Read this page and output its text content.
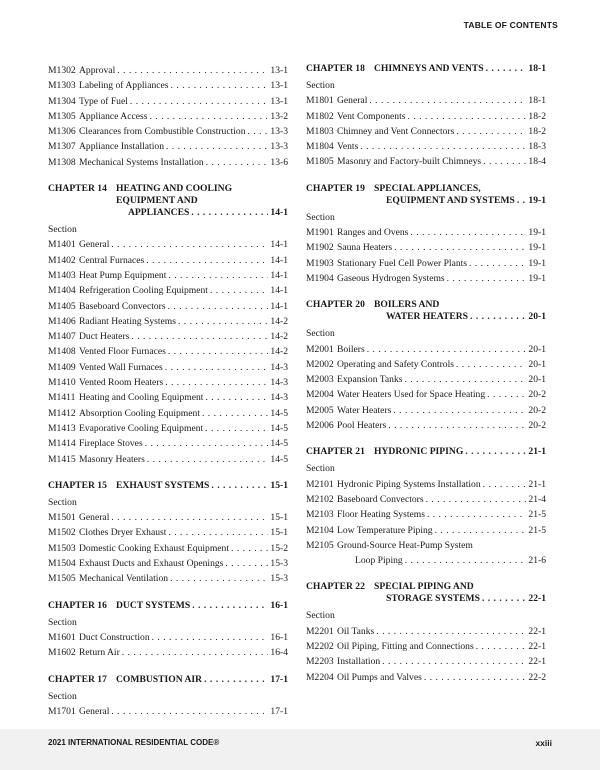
TABLE OF CONTENTS
M1302 Approval . . .	13-1
M1303 Labeling of Appliances . . .	13-1
M1304 Type of Fuel . . .	13-1
M1305 Appliance Access . . .	13-2
M1306 Clearances from Combustible Construction . . .	13-3
M1307 Appliance Installation . . .	13-3
M1308 Mechanical Systems Installation . . .	13-6
CHAPTER 14 HEATING AND COOLING
EQUIPMENT AND
APPLIANCES . . .	14-1
Section
M1401 General . . .	14-1
M1402 Central Furnaces . . .	14-1
M1403 Heat Pump Equipment . . .	14-1
M1404 Refrigeration Cooling Equipment . . .	14-1
M1405 Baseboard Convectors . . .	14-1
M1406 Radiant Heating Systems . . .	14-2
M1407 Duct Heaters . . .	14-2
M1408 Vented Floor Furnaces . . .	14-2
M1409 Vented Wall Furnaces . . .	14-3
M1410 Vented Room Heaters . . .	14-3
M1411 Heating and Cooling Equipment . . .	14-3
M1412 Absorption Cooling Equipment . . .	14-5
M1413 Evaporative Cooling Equipment . . .	14-5
M1414 Fireplace Stoves . . .	14-5
M1415 Masonry Heaters . . .	14-5
CHAPTER 15 EXHAUST SYSTEMS . . .	15-1
Section
M1501 General . . .	15-1
M1502 Clothes Dryer Exhaust . . .	15-1
M1503 Domestic Cooking Exhaust Equipment . . .	15-2
M1504 Exhaust Ducts and Exhaust Openings . . .	15-3
M1505 Mechanical Ventilation . . .	15-3
CHAPTER 16 DUCT SYSTEMS . . .	16-1
Section
M1601 Duct Construction . . .	16-1
M1602 Return Air . . .	16-4
CHAPTER 17 COMBUSTION AIR . . .	17-1
Section
M1701 General . . .	17-1
CHAPTER 18 CHIMNEYS AND VENTS . . .	18-1
Section
M1801 General . . .	18-1
M1802 Vent Components . . .	18-2
M1803 Chimney and Vent Connectors . . .	18-2
M1804 Vents . . .	18-3
M1805 Masonry and Factory-built Chimneys . . .	18-4
CHAPTER 19 SPECIAL APPLIANCES,
EQUIPMENT AND SYSTEMS . . . 19-1
Section
M1901 Ranges and Ovens . . .	19-1
M1902 Sauna Heaters . . .	19-1
M1903 Stationary Fuel Cell Power Plants . . .	19-1
M1904 Gaseous Hydrogen Systems . . .	19-1
CHAPTER 20 BOILERS AND
WATER HEATERS . . .	20-1
Section
M2001 Boilers . . .	20-1
M2002 Operating and Safety Controls . . .	20-1
M2003 Expansion Tanks . . .	20-1
M2004 Water Heaters Used for Space Heating . . .	20-2
M2005 Water Heaters . . .	20-2
M2006 Pool Heaters . . .	20-2
CHAPTER 21 HYDRONIC PIPING . . .	21-1
Section
M2101 Hydronic Piping Systems Installation . . .	21-1
M2102 Baseboard Convectors . . .	21-4
M2103 Floor Heating Systems . . .	21-5
M2104 Low Temperature Piping . . .	21-5
M2105 Ground-Source Heat-Pump System
Loop Piping . . .	21-6
CHAPTER 22 SPECIAL PIPING AND
STORAGE SYSTEMS . . .	22-1
Section
M2201 Oil Tanks . . .	22-1
M2202 Oil Piping, Fitting and Connections . . .	22-1
M2203 Installation . . .	22-1
M2204 Oil Pumps and Valves . . .	22-2
2021 INTERNATIONAL RESIDENTIAL CODE®	xxiii
